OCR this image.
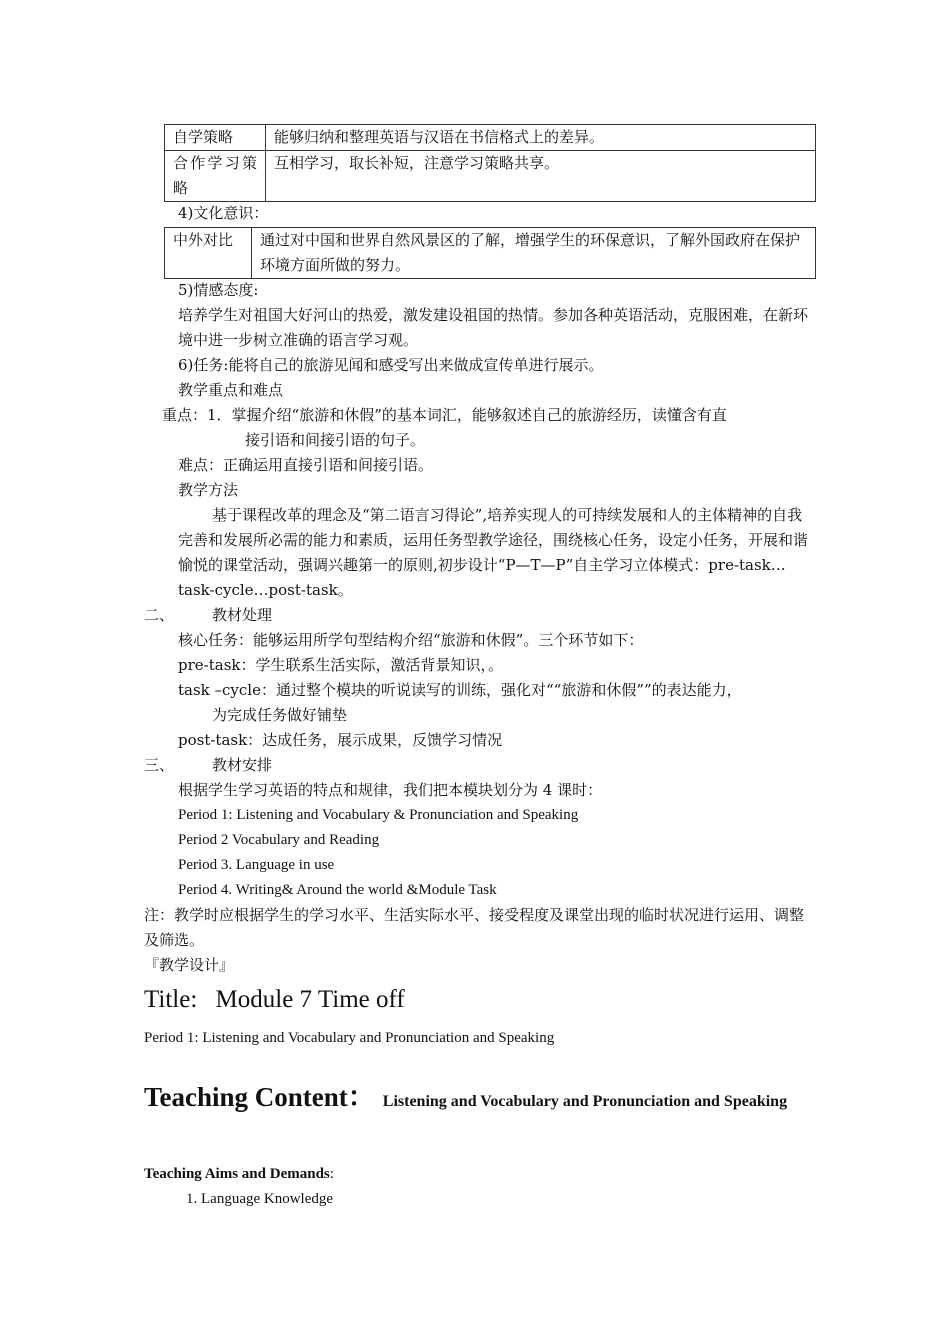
自学策略	能够归纳和整理英语与汉语在书信格式上的差异。
合作学习策略	互相学习，取长补短，注意学习策略共享。
4)文化意识：
中外对比	通过对中国和世界自然风景区的了解，增强学生的环保意识，了解外国政府在保护环境方面所做的努力。
5)情感态度:
培养学生对祖国大好河山的热爱，激发建设祖国的热情。参加各种英语活动，克服困难，在新环境中进一步树立准确的语言学习观。
6)任务:能将自己的旅游见闻和感受写出来做成宣传单进行展示。
教学重点和难点
重点：1．掌握介绍“旅游和休假”的基本词汇，能够叙述自己的旅游经历，读懂含有直
接引语和间接引语的句子。
难点：正确运用直接引语和间接引语。
教学方法
基于课程改革的理念及“第二语言习得论”,培养实现人的可持续发展和人的主体精神的自我完善和发展所必需的能力和素质，运用任务型教学途径，围绕核心任务，设定小任务，开展和谐愉悦的课堂活动，强调兴趣第一的原则,初步设计“P—T—P”自主学习立体模式：pre-task…task-cycle…post-task。
二、	教材处理
核心任务：能够运用所学句型结构介绍“旅游和休假”。三个环节如下：
pre-task：学生联系生活实际，激活背景知识，。
task –cycle：通过整个模块的听说读写的训练，强化对““旅游和休假””的表达能力，
为完成任务做好铺垫
post-task：达成任务，展示成果，反馈学习情况
三、	教材安排
根据学生学习英语的特点和规律，我们把本模块划分为 4 课时：
Period 1: Listening and Vocabulary & Pronunciation and Speaking
Period 2 Vocabulary and Reading
Period 3. Language in use
Period 4. Writing& Around the world &Module Task
注：教学时应根据学生的学习水平、生活实际水平、接受程度及课堂出现的临时状况进行运用、调整及筛选。
『教学设计』
Title: Module 7 Time off
Period 1: Listening and Vocabulary and Pronunciation and Speaking
Teaching Content： Listening and Vocabulary and Pronunciation and Speaking
Teaching Aims and Demands:
1. Language Knowledge
